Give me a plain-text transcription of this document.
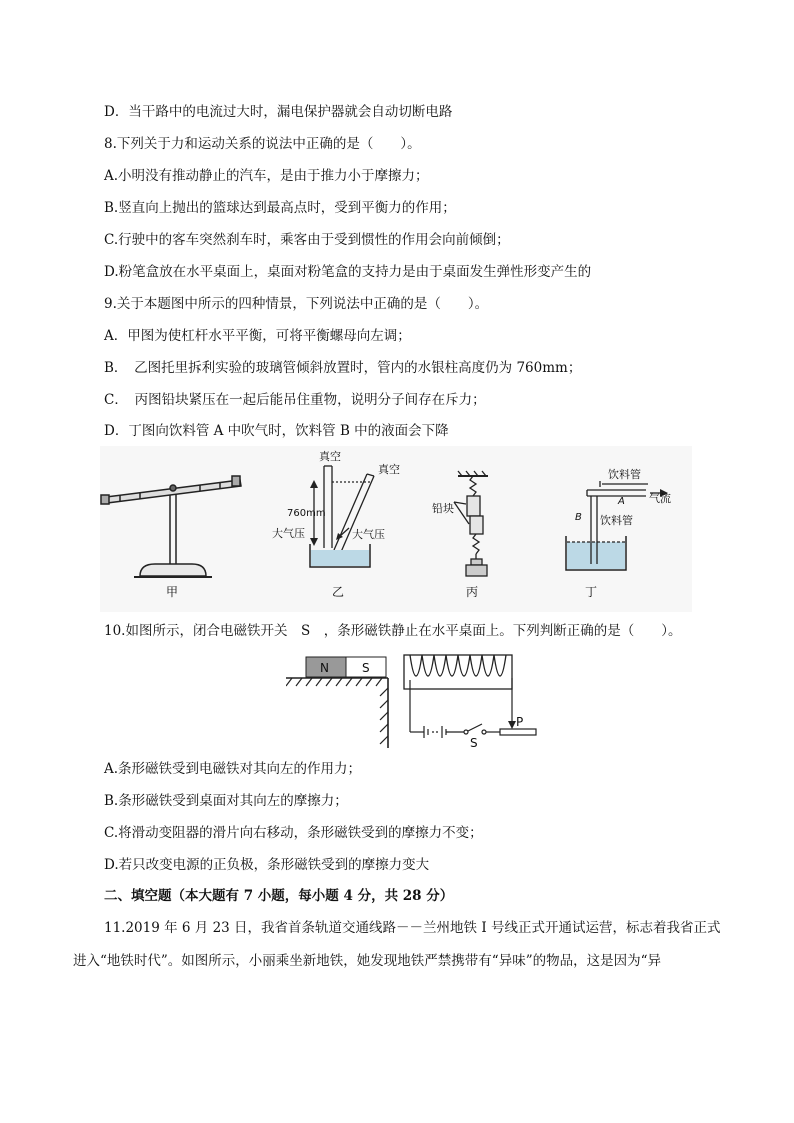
D．当干路中的电流过大时，漏电保护器就会自动切断电路
8.下列关于力和运动关系的说法中正确的是（　　）。
A.小明没有推动静止的汽车，是由于推力小于摩擦力；
B.竖直向上抛出的篮球达到最高点时，受到平衡力的作用；
C.行驶中的客车突然刹车时，乘客由于受到惯性的作用会向前倾倒；
D.粉笔盒放在水平桌面上，桌面对粉笔盒的支持力是由于桌面发生弹性形变产生的
9.关于本题图中所示的四种情景，下列说法中正确的是（　　）。
A．甲图为使杠杆水平平衡，可将平衡螺母向左调；
B．　乙图托里拆利实验的玻璃管倾斜放置时，管内的水银柱高度仍为 760mm；
C．　丙图铅块紧压在一起后能吊住重物，说明分子间存在斥力；
D．丁图向饮料管 A 中吹气时，饮料管 B 中的液面会下降
甲
真空
真空
760mm
大气压	大气压
乙
铅块
丙
饮料管
A 气流
B 饮料管
丁
10.如图所示，闭合电磁铁开关　S　，条形磁铁静止在水平桌面上。下列判断正确的是（　　）。
N	S
S
P
A.条形磁铁受到电磁铁对其向左的作用力；
B.条形磁铁受到桌面对其向左的摩擦力；
C.将滑动变阻器的滑片向右移动，条形磁铁受到的摩擦力不变；
D.若只改变电源的正负极，条形磁铁受到的摩擦力变大
二、填空题（本大题有 7 小题，每小题 4 分，共 28 分）
11.2019 年 6 月 23 日，我省首条轨道交通线路－－兰州地铁 I 号线正式开通试运营，标志着我省正式
进入“地铁时代”。如图所示，小丽乘坐新地铁，她发现地铁严禁携带有“异味”的物品，这是因为“异
